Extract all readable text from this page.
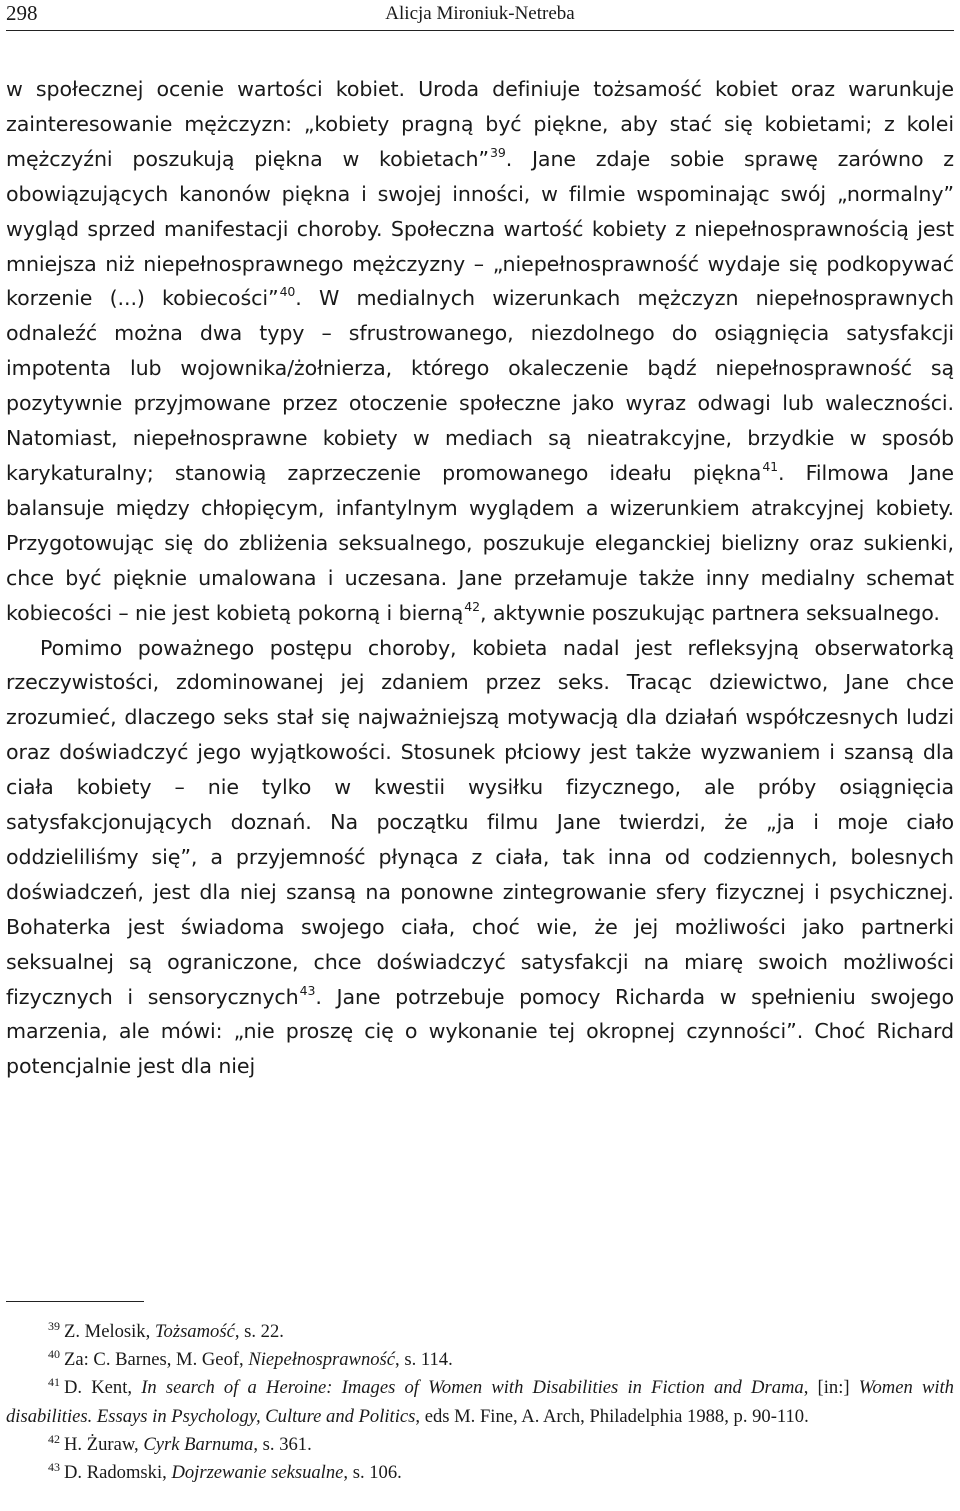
298	Alicja Mironiuk-Netreba

w społecznej ocenie wartości kobiet. Uroda definiuje tożsamość kobiet oraz warunkuje zainteresowanie mężczyzn: „kobiety pragną być piękne, aby stać się kobietami; z kolei mężczyźni poszukują piękna w kobietach”$^{39}$. Jane zdaje sobie sprawę zarówno z obowiązujących kanonów piękna i swojej inności, w filmie wspominając swój „normalny” wygląd sprzed manifestacji choroby. Społeczna wartość kobiety z niepełnosprawnością jest mniejsza niż niepełnosprawnego mężczyzny – „niepełnosprawność wydaje się podkopywać korzenie (...) kobiecości”$^{40}$. W medialnych wizerunkach mężczyzn niepełnosprawnych odnaleźć można dwa typy – sfrustrowanego, niezdolnego do osiągnięcia satysfakcji impotenta lub wojownika/żołnierza, którego okaleczenie bądź niepełnosprawność są pozytywnie przyjmowane przez otoczenie społeczne jako wyraz odwagi lub waleczności. Natomiast, niepełnosprawne kobiety w mediach są nieatrakcyjne, brzydkie w sposób karykaturalny; stanowią zaprzeczenie promowanego ideału piękna$^{41}$. Filmowa Jane balansuje między chłopięcym, infantylnym wyglądem a wizerunkiem atrakcyjnej kobiety. Przygotowując się do zbliżenia seksualnego, poszukuje eleganckiej bielizny oraz sukienki, chce być pięknie umalowana i uczesana. Jane przełamuje także inny medialny schemat kobiecości – nie jest kobietą pokorną i bierną$^{42}$, aktywnie poszukując partnera seksualnego.

Pomimo poważnego postępu choroby, kobieta nadal jest refleksyjną obserwatorką rzeczywistości, zdominowanej jej zdaniem przez seks. Tracąc dziewictwo, Jane chce zrozumieć, dlaczego seks stał się najważniejszą motywacją dla działań współczesnych ludzi oraz doświadczyć jego wyjątkowości. Stosunek płciowy jest także wyzwaniem i szansą dla ciała kobiety – nie tylko w kwestii wysiłku fizycznego, ale próby osiągnięcia satysfakcjonujących doznań. Na początku filmu Jane twierdzi, że „ja i moje ciało oddzieliliśmy się”, a przyjemność płynąca z ciała, tak inna od codziennych, bolesnych doświadczeń, jest dla niej szansą na ponowne zintegrowanie sfery fizycznej i psychicznej. Bohaterka jest świadoma swojego ciała, choć wie, że jej możliwości jako partnerki seksualnej są ograniczone, chce doświadczyć satysfakcji na miarę swoich możliwości fizycznych i sensorycznych$^{43}$. Jane potrzebuje pomocy Richarda w spełnieniu swojego marzenia, ale mówi: „nie proszę cię o wykonanie tej okropnej czynności”. Choć Richard potencjalnie jest dla niej

$^{39}$ Z. Melosik, Tożsamość, s. 22.

$^{40}$ Za: C. Barnes, M. Geof, Niepełnosprawność, s. 114.

$^{41}$ D. Kent, In search of a Heroine: Images of Women with Disabilities in Fiction and Drama, [in:] Women with disabilities. Essays in Psychology, Culture and Politics, eds M. Fine, A. Arch, Philadelphia 1988, p. 90-110.

$^{42}$ H. Żuraw, Cyrk Barnuma, s. 361.

$^{43}$ D. Radomski, Dojrzewanie seksualne, s. 106.
